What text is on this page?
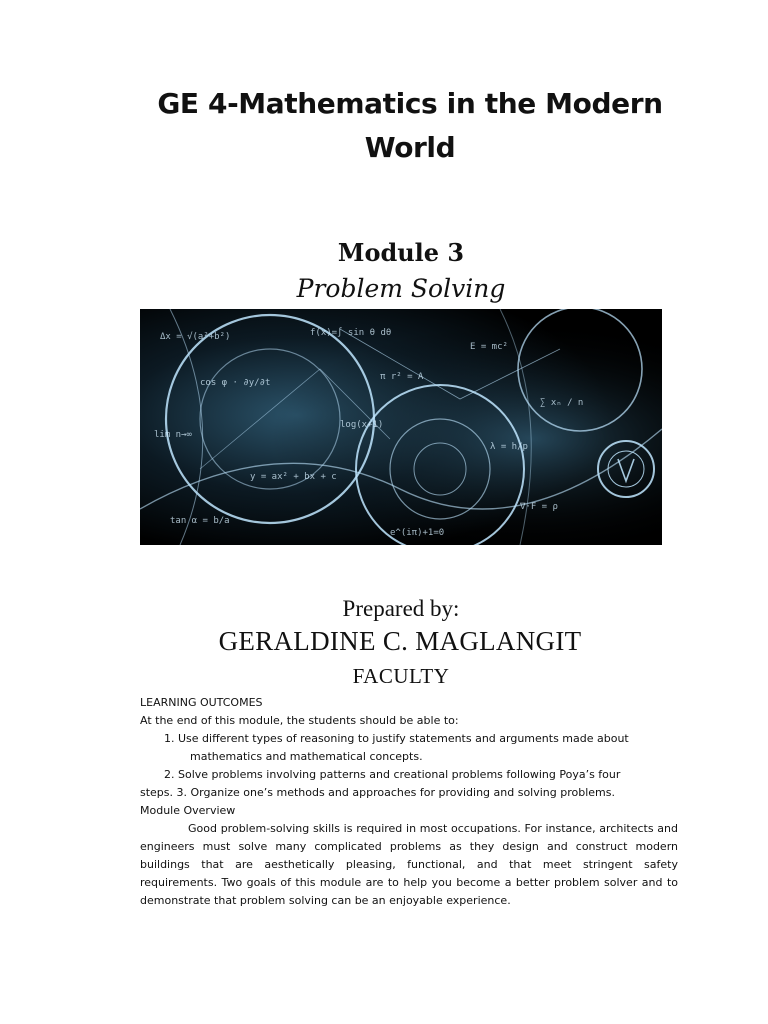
GE 4-Mathematics in the Modern
World
Module 3
Problem Solving
Δx = √(a²+b²)	f(x)=∫ sin θ dθ
E = mc²
cos φ · ∂y/∂t
π r² = A
∑ xₙ / n
lim n→∞
log(x+1)
λ = h/p
y = ax² + bx + c
∇·F = ρ
tan α = b/a
e^(iπ)+1=0
Prepared by:
GERALDINE C. MAGLANGIT
FACULTY

LEARNING OUTCOMES

At the end of this module, the students should be able to:

1. Use different types of reasoning to justify statements and arguments made about

mathematics and mathematical concepts.

2. Solve problems involving patterns and creational problems following Poya’s four

steps. 3. Organize one’s methods and approaches for providing and solving problems.

Module Overview

Good problem-solving skills is required in most occupations. For instance, architects and engineers must solve many complicated problems as they design and construct modern buildings that are aesthetically pleasing, functional, and that meet stringent safety requirements. Two goals of this module are to help you become a better problem solver and to demonstrate that problem solving can be an enjoyable experience.
